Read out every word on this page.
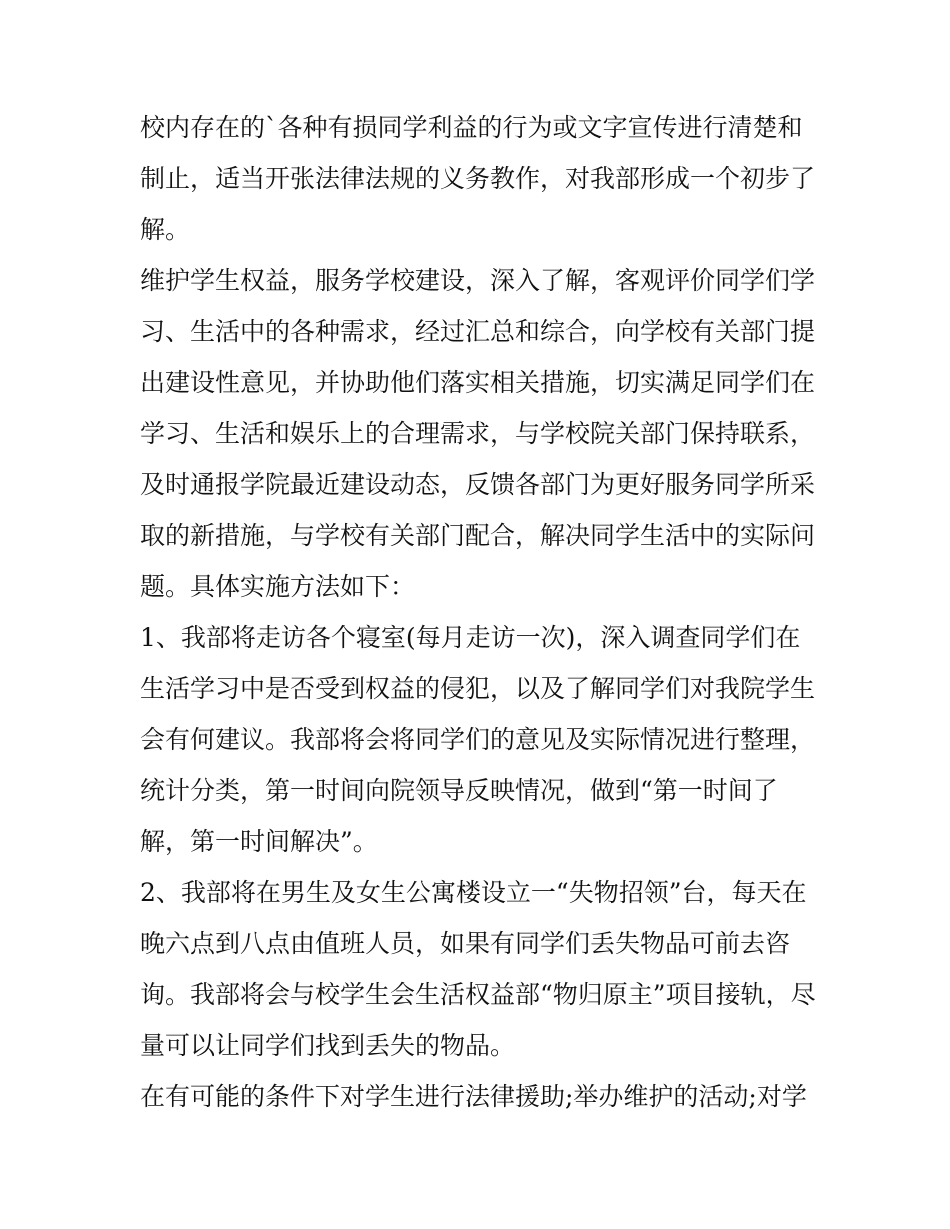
校内存在的`各种有损同学利益的行为或文字宣传进行清楚和
制止，适当开张法律法规的义务教作，对我部形成一个初步了
解。
维护学生权益，服务学校建设，深入了解，客观评价同学们学
习、生活中的各种需求，经过汇总和综合，向学校有关部门提
出建设性意见，并协助他们落实相关措施，切实满足同学们在
学习、生活和娱乐上的合理需求，与学校院关部门保持联系，
及时通报学院最近建设动态，反馈各部门为更好服务同学所采
取的新措施，与学校有关部门配合，解决同学生活中的实际问
题。具体实施方法如下：
1、我部将走访各个寝室(每月走访一次)，深入调查同学们在
生活学习中是否受到权益的侵犯，以及了解同学们对我院学生
会有何建议。我部将会将同学们的意见及实际情况进行整理，
统计分类，第一时间向院领导反映情况，做到“第一时间了
解，第一时间解决”。
2、我部将在男生及女生公寓楼设立一“失物招领”台，每天在
晚六点到八点由值班人员，如果有同学们丢失物品可前去咨
询。我部将会与校学生会生活权益部“物归原主”项目接轨，尽
量可以让同学们找到丢失的物品。
在有可能的条件下对学生进行法律援助;举办维护的活动;对学
